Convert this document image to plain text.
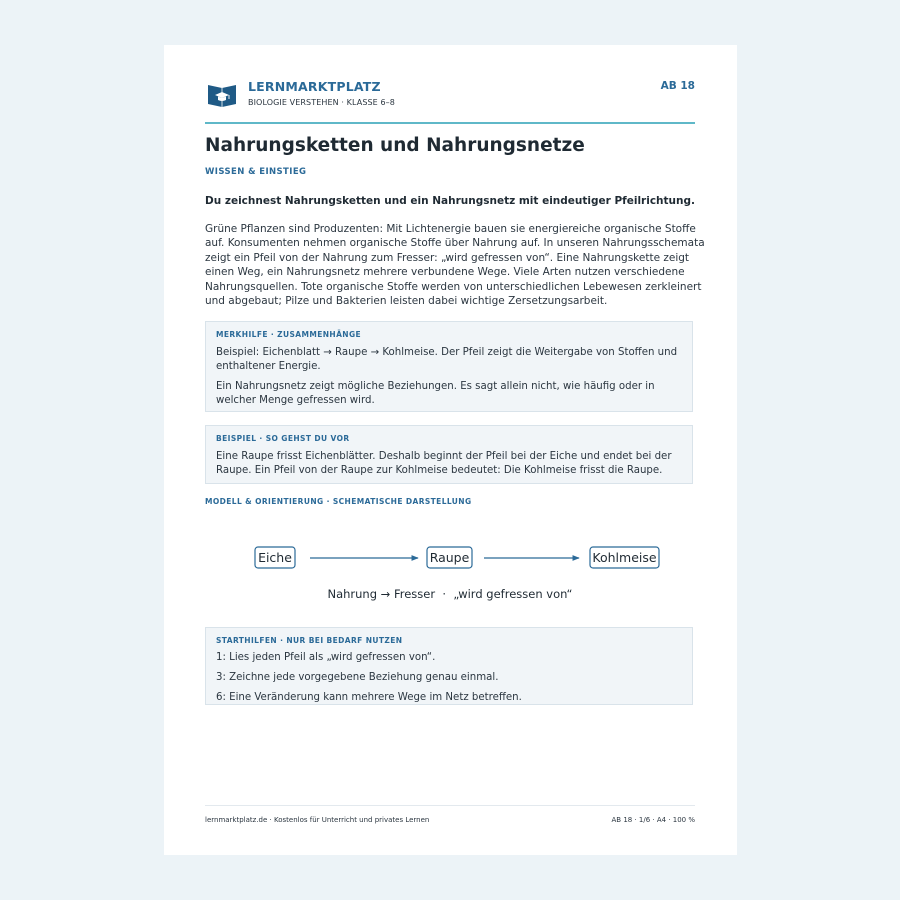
LERNMARKTPLATZ
BIOLOGIE VERSTEHEN · KLASSE 6–8
AB 18
Nahrungsketten und Nahrungsnetze
WISSEN & EINSTIEG
Du zeichnest Nahrungsketten und ein Nahrungsnetz mit eindeutiger Pfeilrichtung.

Grüne Pflanzen sind Produzenten: Mit Lichtenergie bauen sie energiereiche organische Stoffe auf. Konsumenten nehmen organische Stoffe über Nahrung auf. In unseren Nahrungsschemata zeigt ein Pfeil von der Nahrung zum Fresser: „wird gefressen von“. Eine Nahrungskette zeigt einen Weg, ein Nahrungsnetz mehrere verbundene Wege. Viele Arten nutzen verschiedene Nahrungsquellen. Tote organische Stoffe werden von unterschiedlichen Lebewesen zerkleinert und abgebaut; Pilze und Bakterien leisten dabei wichtige Zersetzungsarbeit.

MERKHILFE · ZUSAMMENHÄNGE

Beispiel: Eichenblatt → Raupe → Kohlmeise. Der Pfeil zeigt die Weitergabe von Stoffen und enthaltener Energie.

Ein Nahrungsnetz zeigt mögliche Beziehungen. Es sagt allein nicht, wie häufig oder in welcher Menge gefressen wird.

BEISPIEL · SO GEHST DU VOR

Eine Raupe frisst Eichenblätter. Deshalb beginnt der Pfeil bei der Eiche und endet bei der Raupe. Ein Pfeil von der Raupe zur Kohlmeise bedeutet: Die Kohlmeise frisst die Raupe.

MODELL & ORIENTIERUNG · SCHEMATISCHE DARSTELLUNG
Eiche	Raupe	Kohlmeise
Nahrung → Fresser  ·  „wird gefressen von“
STARTHILFEN · NUR BEI BEDARF NUTZEN

1: Lies jeden Pfeil als „wird gefressen von“.

3: Zeichne jede vorgegebene Beziehung genau einmal.

6: Eine Veränderung kann mehrere Wege im Netz betreffen.

lernmarktplatz.de · Kostenlos für Unterricht und privates Lernen	AB 18 · 1/6 · A4 · 100 %
